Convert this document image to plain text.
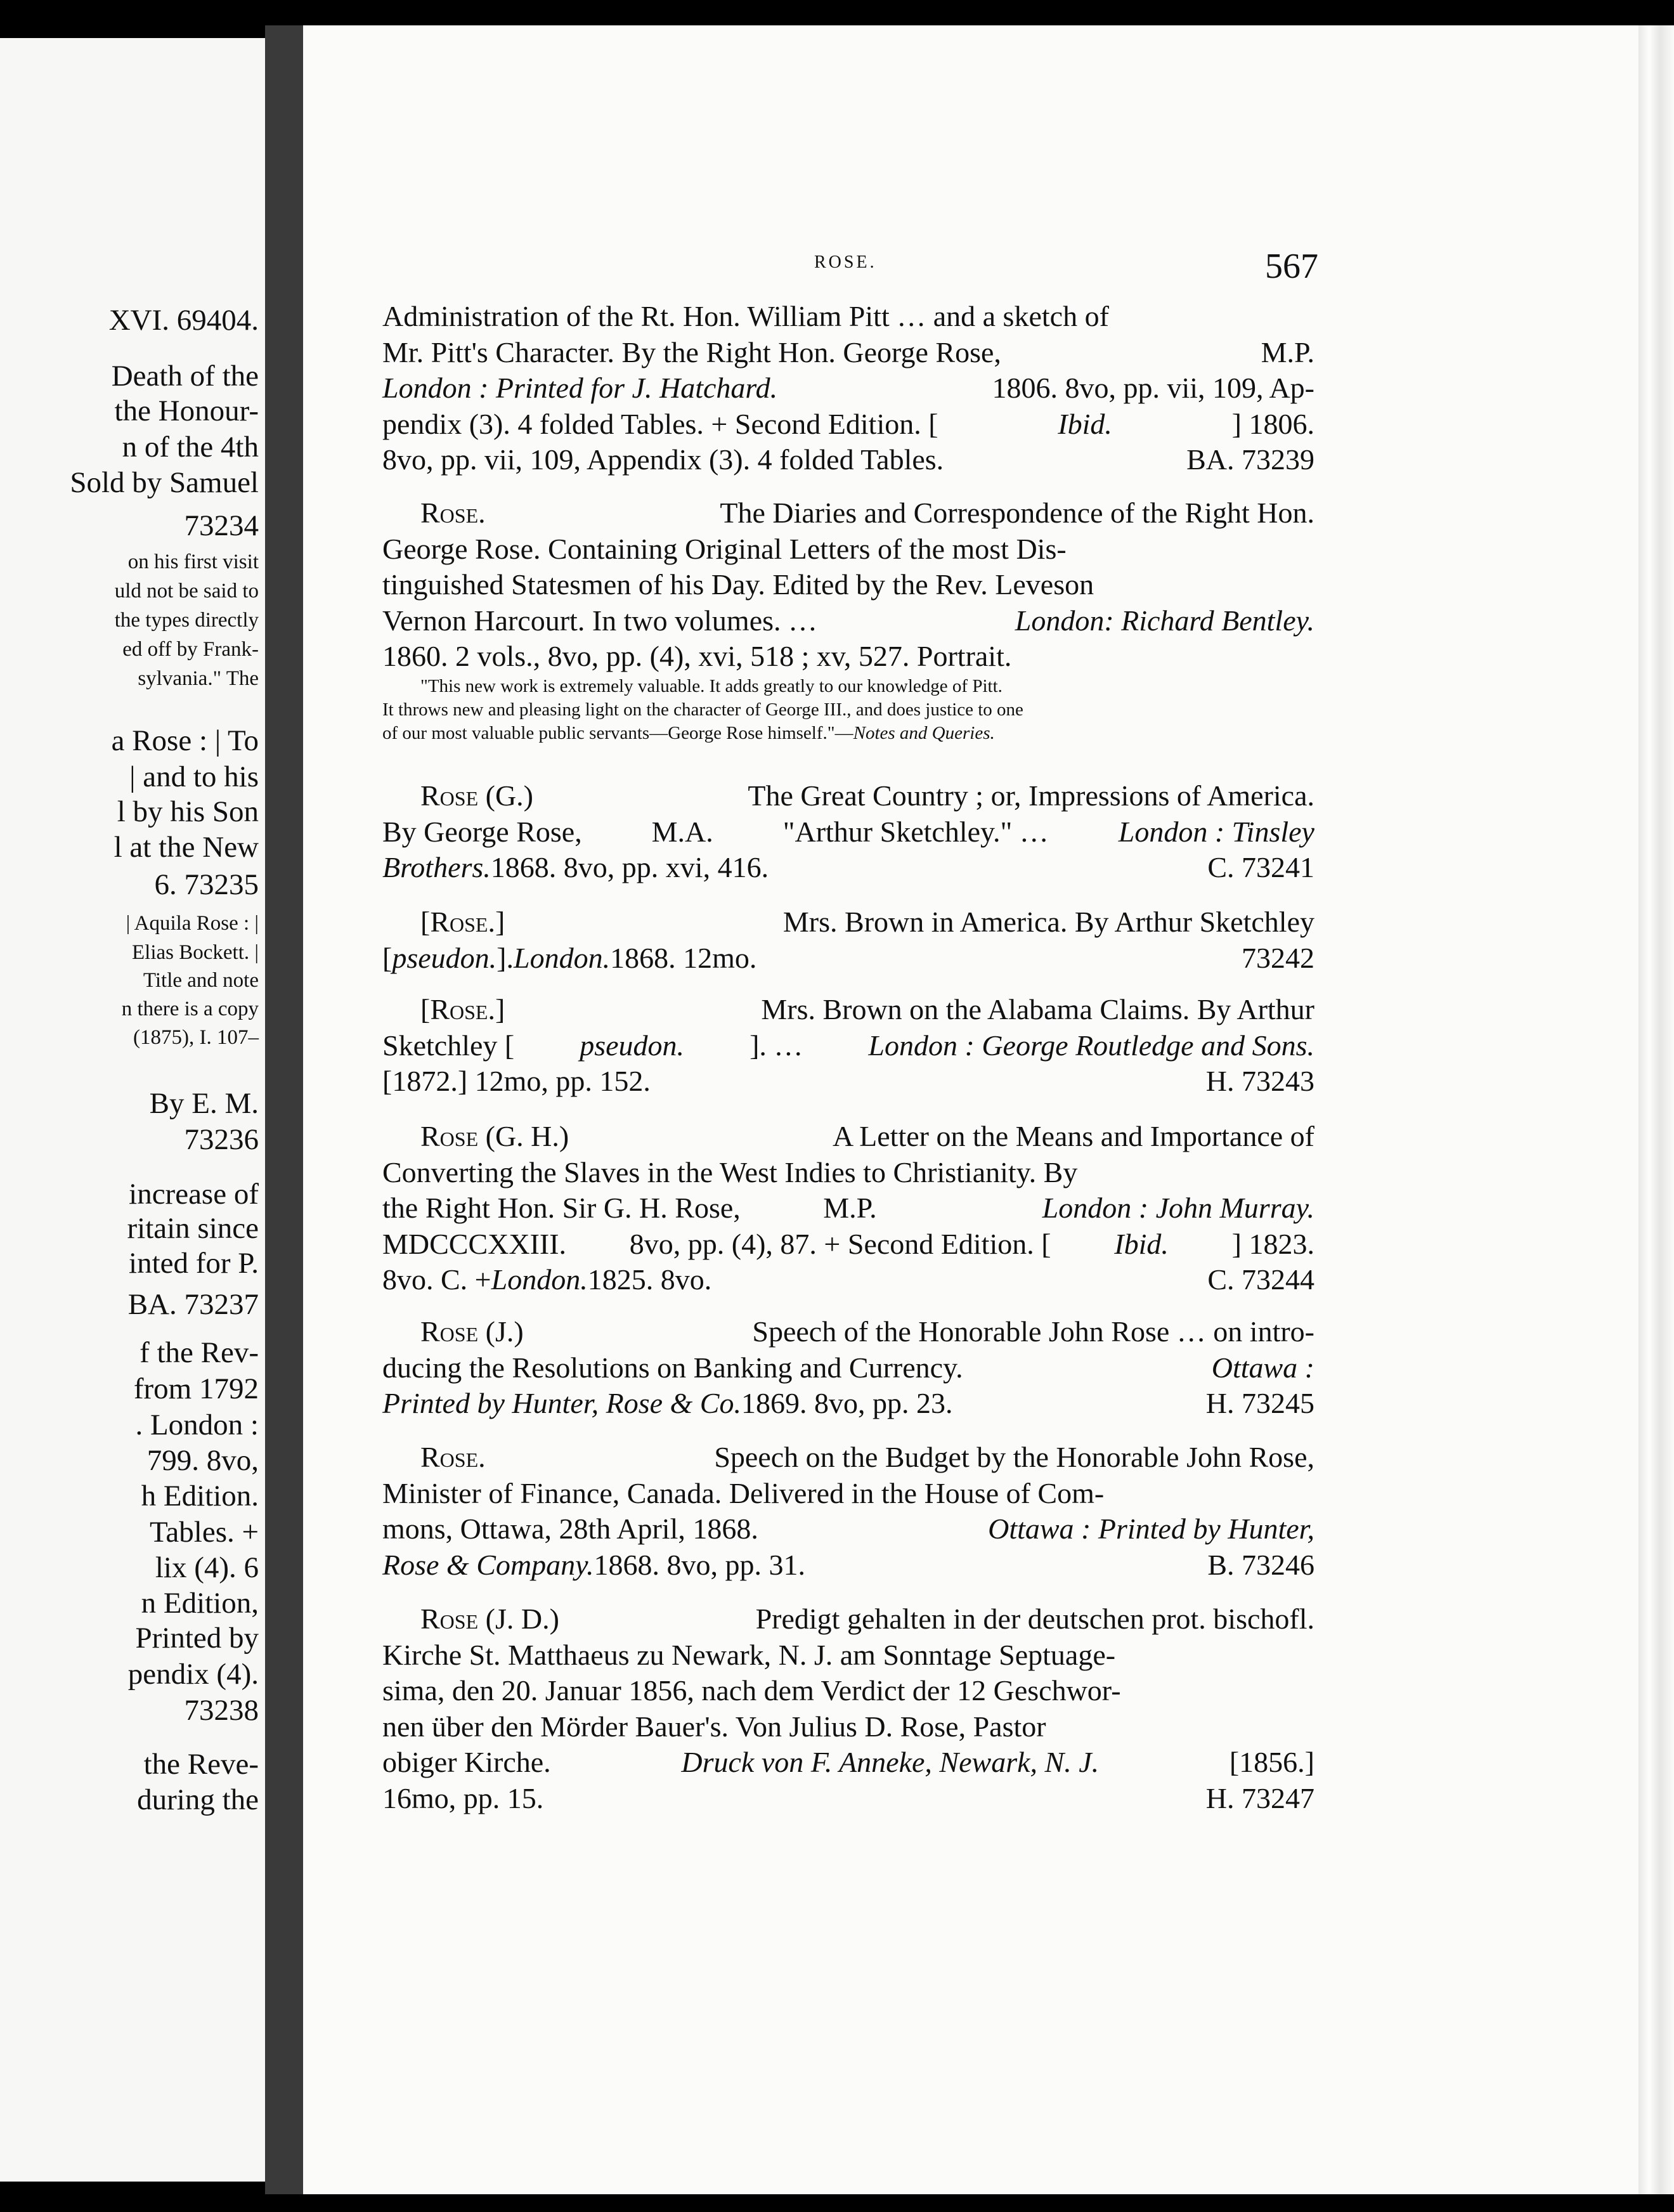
ROSE.	567
XVI. 69404.
Death of the
the Honour-
n of the 4th
Sold by Samuel
73234
on his first visit
uld not be said to
the types directly
ed off by Frank-
sylvania." The
a Rose : | To
| and to his
l by his Son
l at the New
6. 73235
| Aquila Rose : |
Elias Bockett. |
Title and note
n there is a copy
(1875), I. 107–
By E. M.
73236
increase of
ritain since
inted for P.
BA. 73237
f the Rev-
from 1792
. London :
799. 8vo,
h Edition.
Tables. +
lix (4). 6
n Edition,
Printed by
pendix (4).
73238
the Reve-
during the
Administration of the Rt. Hon. William Pitt … and a sketch of
Mr. Pitt's Character. By the Right Hon. George Rose,	M.P.
London : Printed for J. Hatchard.	1806. 8vo, pp. vii, 109, Ap-
pendix (3). 4 folded Tables. + Second Edition. [	Ibid.	] 1806.
8vo, pp. vii, 109, Appendix (3). 4 folded Tables.	BA. 73239
Rose.	The Diaries and Correspondence of the Right Hon.
George Rose. Containing Original Letters of the most Dis-
tinguished Statesmen of his Day. Edited by the Rev. Leveson
Vernon Harcourt. In two volumes. …	London: Richard Bentley.
1860. 2 vols., 8vo, pp. (4), xvi, 518 ; xv, 527. Portrait.
"This new work is extremely valuable. It adds greatly to our knowledge of Pitt.
It throws new and pleasing light on the character of George III., and does justice to one
of our most valuable public servants—George Rose himself."— Notes and Queries.
Rose (G.)	The Great Country ; or, Impressions of America.
By George Rose, M.A. "Arthur Sketchley." … London : Tinsley
Brothers. 1868. 8vo, pp. xvi, 416.	C. 73241
[Rose.]	Mrs. Brown in America. By Arthur Sketchley
[ pseudon. ]. London. 1868. 12mo.	73242
[Rose.]	Mrs. Brown on the Alabama Claims. By Arthur
Sketchley [ pseudon. ]. … London : George Routledge and Sons.
[1872.] 12mo, pp. 152.	H. 73243
Rose (G. H.)	A Letter on the Means and Importance of
Converting the Slaves in the West Indies to Christianity. By
the Right Hon. Sir G. H. Rose,	M.P.	London : John Murray.
MDCCCXXIII. 8vo, pp. (4), 87. + Second Edition. [ Ibid. ] 1823.
8vo. C. + London. 1825. 8vo.	C. 73244
Rose (J.)	Speech of the Honorable John Rose … on intro-
ducing the Resolutions on Banking and Currency.	Ottawa :
Printed by Hunter, Rose & Co. 1869. 8vo, pp. 23.	H. 73245
Rose.	Speech on the Budget by the Honorable John Rose,
Minister of Finance, Canada. Delivered in the House of Com-
mons, Ottawa, 28th April, 1868.	Ottawa : Printed by Hunter,
Rose & Company. 1868. 8vo, pp. 31.	B. 73246
Rose (J. D.)	Predigt gehalten in der deutschen prot. bischofl.
Kirche St. Matthaeus zu Newark, N. J. am Sonntage Septuage-
sima, den 20. Januar 1856, nach dem Verdict der 12 Geschwor-
nen über den Mörder Bauer's. Von Julius D. Rose, Pastor
obiger Kirche.	Druck von F. Anneke, Newark, N. J.	[1856.]
16mo, pp. 15.	H. 73247
